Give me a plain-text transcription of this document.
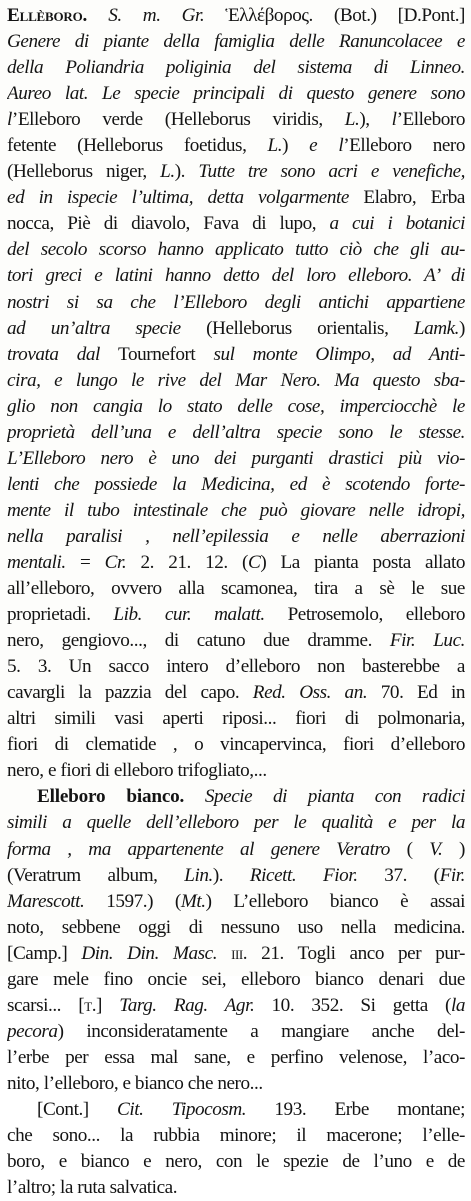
Ellèboro. S. m. Gr. Ἑλλέβορος. (Bot.) [D.Pont.]
Genere di piante della famiglia delle Ranuncolacee e
della Poliandria poliginia del sistema di Linneo.
Aureo lat. Le specie principali di questo genere sono
l’Elleboro verde (Helleborus viridis, L.), l’Elleboro
fetente (Helleborus foetidus, L.) e l’Elleboro nero
(Helleborus niger, L.). Tutte tre sono acri e venefiche,
ed in ispecie l’ultima, detta volgarmente Elabro, Erba
nocca, Piè di diavolo, Fava di lupo, a cui i botanici
del secolo scorso hanno applicato tutto ciò che gli au-
tori greci e latini hanno detto del loro elleboro. A’ di
nostri si sa che l’Elleboro degli antichi appartiene
ad un’altra specie (Helleborus orientalis, Lamk.)
trovata dal Tournefort sul monte Olimpo, ad Anti-
cira, e lungo le rive del Mar Nero. Ma questo sba-
glio non cangia lo stato delle cose, imperciocchè le
proprietà dell’una e dell’altra specie sono le stesse.
L’Elleboro nero è uno dei purganti drastici più vio-
lenti che possiede la Medicina, ed è scotendo forte-
mente il tubo intestinale che può giovare nelle idropi,
nella paralisi , nell’epilessia e nelle aberrazioni
mentali. = Cr. 2. 21. 12. (C) La pianta posta allato
all’elleboro, ovvero alla scamonea, tira a sè le sue
proprietadi. Lib. cur. malatt. Petrosemolo, elleboro
nero, gengiovo..., di catuno due dramme. Fir. Luc.
5. 3. Un sacco intero d’elleboro non basterebbe a
cavargli la pazzia del capo. Red. Oss. an. 70. Ed in
altri simili vasi aperti riposi... fiori di polmonaria,
fiori di clematide , o vincapervinca, fiori d’elleboro
nero, e fiori di elleboro trifogliato,...
Elleboro bianco. Specie di pianta con radici
simili a quelle dell’elleboro per le qualità e per la
forma , ma appartenente al genere Veratro ( V. )
(Veratrum album, Lin.). Ricett. Fior. 37. (Fir.
Marescott. 1597.) (Mt.) L’elleboro bianco è assai
noto, sebbene oggi di nessuno uso nella medicina.
[Camp.] Din. Din. Masc. iii. 21. Togli anco per pur-
gare mele fino oncie sei, elleboro bianco denari due
scarsi... [t.] Targ. Rag. Agr. 10. 352. Si getta (la
pecora) inconsideratamente a mangiare anche del-
l’erbe per essa mal sane, e perfino velenose, l’aco-
nito, l’elleboro, e bianco che nero...
[Cont.] Cit. Tipocosm. 193. Erbe montane;
che sono... la rubbia minore; il macerone; l’elle-
boro, e bianco e nero, con le spezie de l’uno e de
l’altro; la ruta salvatica.
